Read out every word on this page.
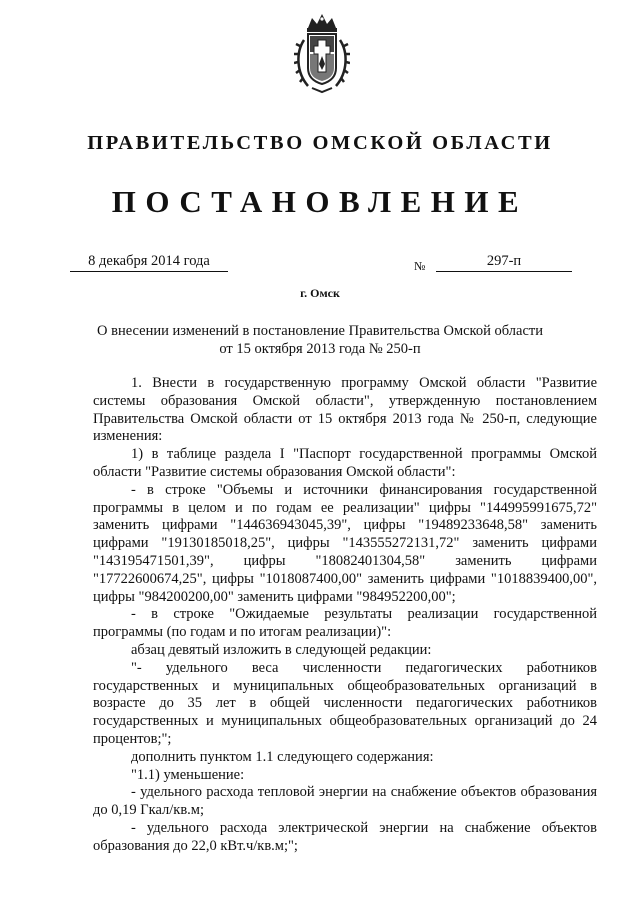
ПРАВИТЕЛЬСТВО ОМСКОЙ ОБЛАСТИ
ПОСТАНОВЛЕНИЕ
8 декабря 2014 года	№	297-п
г. Омск
О внесении изменений в постановление Правительства Омской области
от 15 октября 2013 года № 250-п

1. Внести в государственную программу Омской области "Развитие системы образования Омской области", утвержденную постановлением Правительства Омской области от 15 октября 2013 года № 250-п, следующие изменения:

1) в таблице раздела I "Паспорт государственной программы Омской области "Развитие системы образования Омской области":

- в строке "Объемы и источники финансирования государственной программы в целом и по годам ее реализации" цифры "144995991675,72" заменить цифрами "144636943045,39", цифры "19489233648,58" заменить цифрами "19130185018,25", цифры "143555272131,72" заменить цифрами "143195471501,39", цифры "18082401304,58" заменить цифрами "17722600674,25", цифры "1018087400,00" заменить цифрами "1018839400,00", цифры "984200200,00" заменить цифрами "984952200,00";

- в строке "Ожидаемые результаты реализации государственной программы (по годам и по итогам реализации)":

абзац девятый изложить в следующей редакции:

"- удельного веса численности педагогических работников государственных и муниципальных общеобразовательных организаций в возрасте до 35 лет в общей численности педагогических работников государственных и муниципальных общеобразовательных организаций до 24 процентов;";

дополнить пунктом 1.1 следующего содержания:

"1.1) уменьшение:

- удельного расхода тепловой энергии на снабжение объектов образования до 0,19 Гкал/кв.м;

- удельного расхода электрической энергии на снабжение объектов образования до 22,0 кВт.ч/кв.м;";
